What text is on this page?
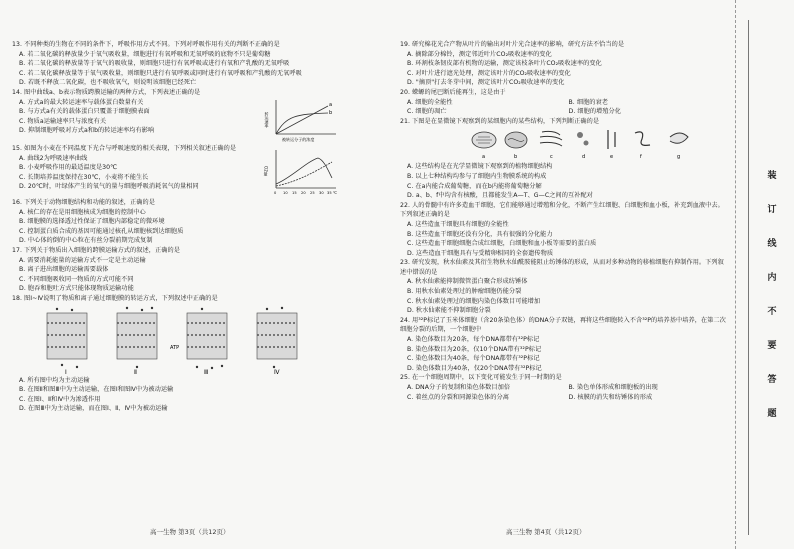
13. 不同种类的生物在不同的条件下，呼吸作用方式不同。下列对呼吸作用有关的判断不正确的是

A. 若二氧化碳的释放量少于氧气吸收量，细胞进行有氧呼吸和无氧呼吸的底物不只是葡萄糖

B. 若二氧化碳的释放量等于氧气的吸收量，则细胞只进行有氧呼吸或进行有氧和产乳酸的无氧呼吸

C. 若二氧化碳释放量等于氧气吸收量，则细胞只进行有氧呼吸或同时进行有氧呼吸和产乳酸的无氧呼吸

D. 若既不释放二氧化碳，也不吸收氧气，则说明该细胞已经死亡

14. 图中曲线a、b表示物质跨膜运输的两种方式，下列表述正确的是

A. 方式a的最大转运速率与载体蛋白数量有关

B. 与方式a有关的载体蛋白只覆盖于细胞膜表面

C. 物质a运输速率只与浓度有关

D. 抑制细胞呼吸对方式a和b的转运速率均有影响

a
b
转运速率
被转运分子的浓度

15. 如图为小麦在不同温度下光合与呼吸速度的相关表现，下列相关叙述正确的是

A. 曲线2为呼吸速率曲线

B. 小麦呼吸作用的最适温度是30℃

C. 长期培养温度保持在30℃，小麦将不能生长

D. 20℃时，叶绿体产生的氧气的量与细胞呼吸消耗氧气的量相同

O2量
0 10 15 20 25 30 35 ℃

16. 下列关于动物细胞结构和功能的叙述，正确的是

A. 核仁的存在是用细胞核成为细胞的控制中心

B. 细胞膜的选择透过性保证了细胞内部稳定的微环境

C. 控制蛋白质合成的基因可能通过核孔从细胞核到达细胞质

D. 中心体的倒的中心粒在有丝分裂前期完成复制

17. 下列关于物质出入细胞的跨膜运输方式的叙述，正确的是

A. 需要消耗能量的运输方式不一定是主动运输

B. 离子进出细胞的运输需要载体

C. 不同细胞吸收同一物质的方式可能不同

D. 胞吞和胞吐方式只能体现物质运输功能

18. 图Ⅰ~Ⅳ说明了物质和离子通过细胞膜的转运方式，下列叙述中正确的是

ATP
Ⅰ	Ⅱ	Ⅲ	Ⅳ

A. 所有图中均为主动运输

B. 在图Ⅱ和图Ⅲ中为主动运输，在图Ⅰ和图Ⅳ中为被动运输

C. 在图Ⅰ、Ⅱ和Ⅳ中为渗透作用

D. 在图Ⅲ中为主动运输，而在图Ⅰ、Ⅱ、Ⅳ中为被动运输

高一生物 第3页（共12页）

19. 研究棉花光合产物从叶片的输出对叶片光合速率的影响，研究方法不恰当的是

A. 摘除部分棉铃，测定邻近叶片CO₂吸收速率的变化

B. 环割枝条韧皮部有机物的运输，测定该枝条叶片CO₂吸收速率的变化

C. 对叶片进行遮光处理，测定该叶片的CO₂吸收速率的变化

D. "摘顶"打去冬芽中间，测定该叶片CO₂吸收速率的变化

20. 蝾螈的尾巴断后能再生，这是由于

A. 细胞的全能性	B. 细胞的衰老
C. 细胞的凋亡	D. 细胞的增殖分化

21. 下图是在显微镜下观察到的某细胞内的某些结构，下列判断正确的是

a	b	c	d	e	f	g

A. 这些结构是在光学显微镜下观察到的植物细胞结构

B. 以上七种结构均参与了细胞内生物膜系统的构成

C. 在a内能合成葡萄糖，而在b内能将葡萄糖分解

D. a、b、f中均含有核酸，且都能发生A—T、G—C之间的互补配对

22. 人的骨髓中有许多造血干细胞，它们能够通过增殖和分化，不断产生红细胞、白细胞和血小板，补充到血液中去。下列叙述正确的是

A. 这些造血干细胞具有细胞的全能性

B. 这些造血干细胞还没有分化，具有很强的分化能力

C. 这些造血干细胞细胞合成红细胞，白细胞和血小板等需要的蛋白质

D. 这些造血干细胞具有与受精卵相同的全套遗传物质

23. 研究发现，秋水仙素及其衍生物秋水仙酰胺能阻止纺锤体的形成，从而对多种动物的移植细胞有抑制作用。下列叙述中错误的是

A. 秋水仙素能抑制微管蛋白聚合形成纺锤体

B. 用秋水仙素处理过的肿瘤细胞仍能分裂

C. 秋水仙素处理过的细胞内染色体数目可能增加

D. 秋水仙素能不抑制细胞分裂

24. 用³²P标记了玉米体细胞（含20条染色体）的DNA分子双链，再将这些细胞转入不含³²P的培养基中培养，在第二次细胞分裂的后期，一个细胞中

A. 染色体数目为20条，每个DNA都带有³²P标记

B. 染色体数目为20条，仅10个DNA带有³²P标记

C. 染色体数目为40条，每个DNA都带有³²P标记

D. 染色体数目为40条，仅20个DNA带有³²P标记

25. 在一个细胞周期中，以下变化可能发生于同一时期的是

A. DNA分子的复制和染色体数目加倍	B. 染色单体形成和细胞板的出现
C. 着丝点的分裂和同源染色体的分离	D. 核膜的消失和纺锤体的形成
高三生物 第4页（共12页）
装
订
线
内
不
要
答
题
